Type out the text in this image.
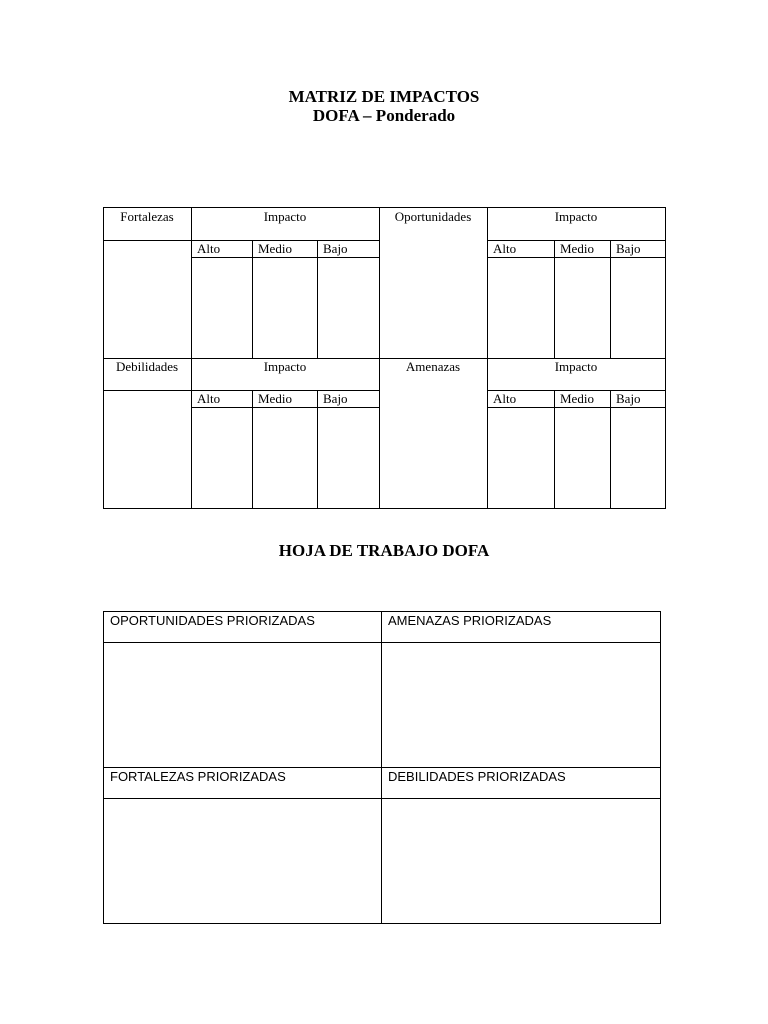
MATRIZ DE IMPACTOS
DOFA – Ponderado
Fortalezas	Impacto	Oportunidades	Impacto
Alto	Medio	Bajo	Alto	Medio	Bajo
Debilidades	Impacto	Amenazas	Impacto
Alto	Medio	Bajo	Alto	Medio	Bajo
HOJA DE TRABAJO DOFA
OPORTUNIDADES PRIORIZADAS	AMENAZAS PRIORIZADAS
FORTALEZAS PRIORIZADAS	DEBILIDADES PRIORIZADAS
